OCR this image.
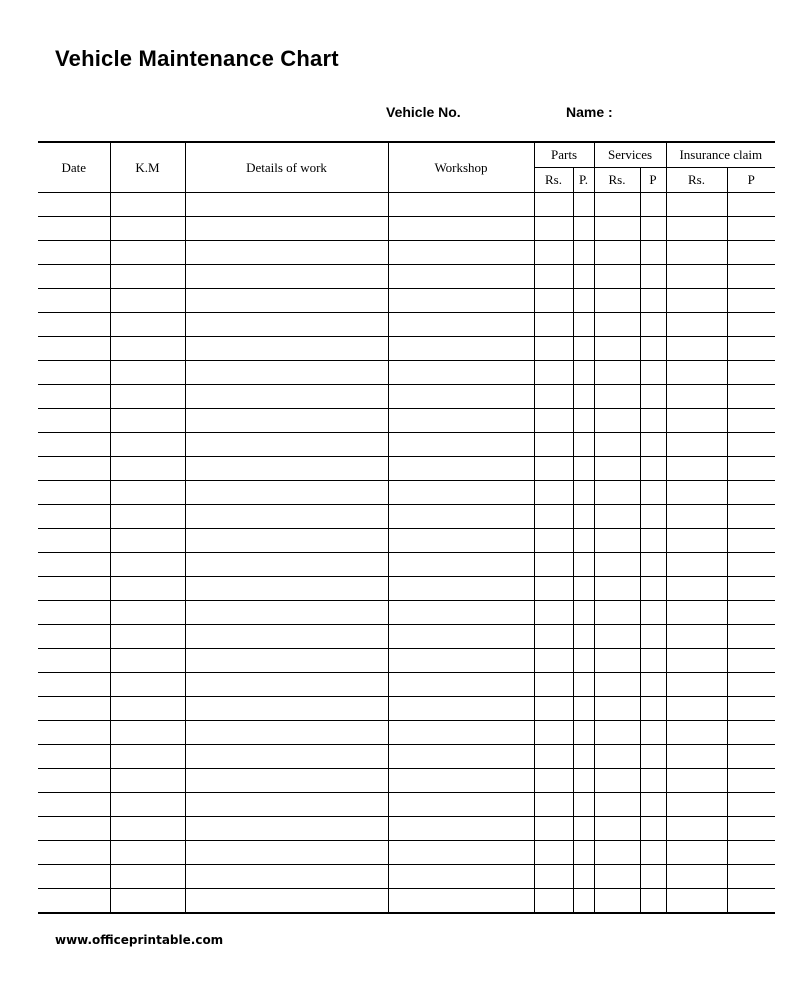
Vehicle Maintenance Chart
Vehicle No.	Name :
Date	K.M	Details of work	Workshop	Parts		Services		Insurance claim	
				Rs.	P.	Rs.	P	Rs.	P

www.officeprintable.com
